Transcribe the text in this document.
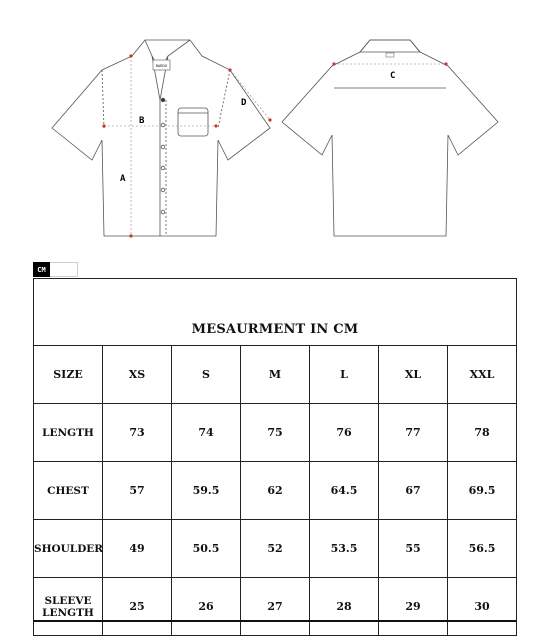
BARDO
A
B
D
C
CM
MESAURMENT IN CM						
SIZE	XS	S	M	L	XL	XXL
LENGTH	73	74	75	76	77	78
CHEST	57	59.5	62	64.5	67	69.5
SHOULDER	49	50.5	52	53.5	55	56.5
SLEEVE LENGTH	25	26	27	28	29	30
